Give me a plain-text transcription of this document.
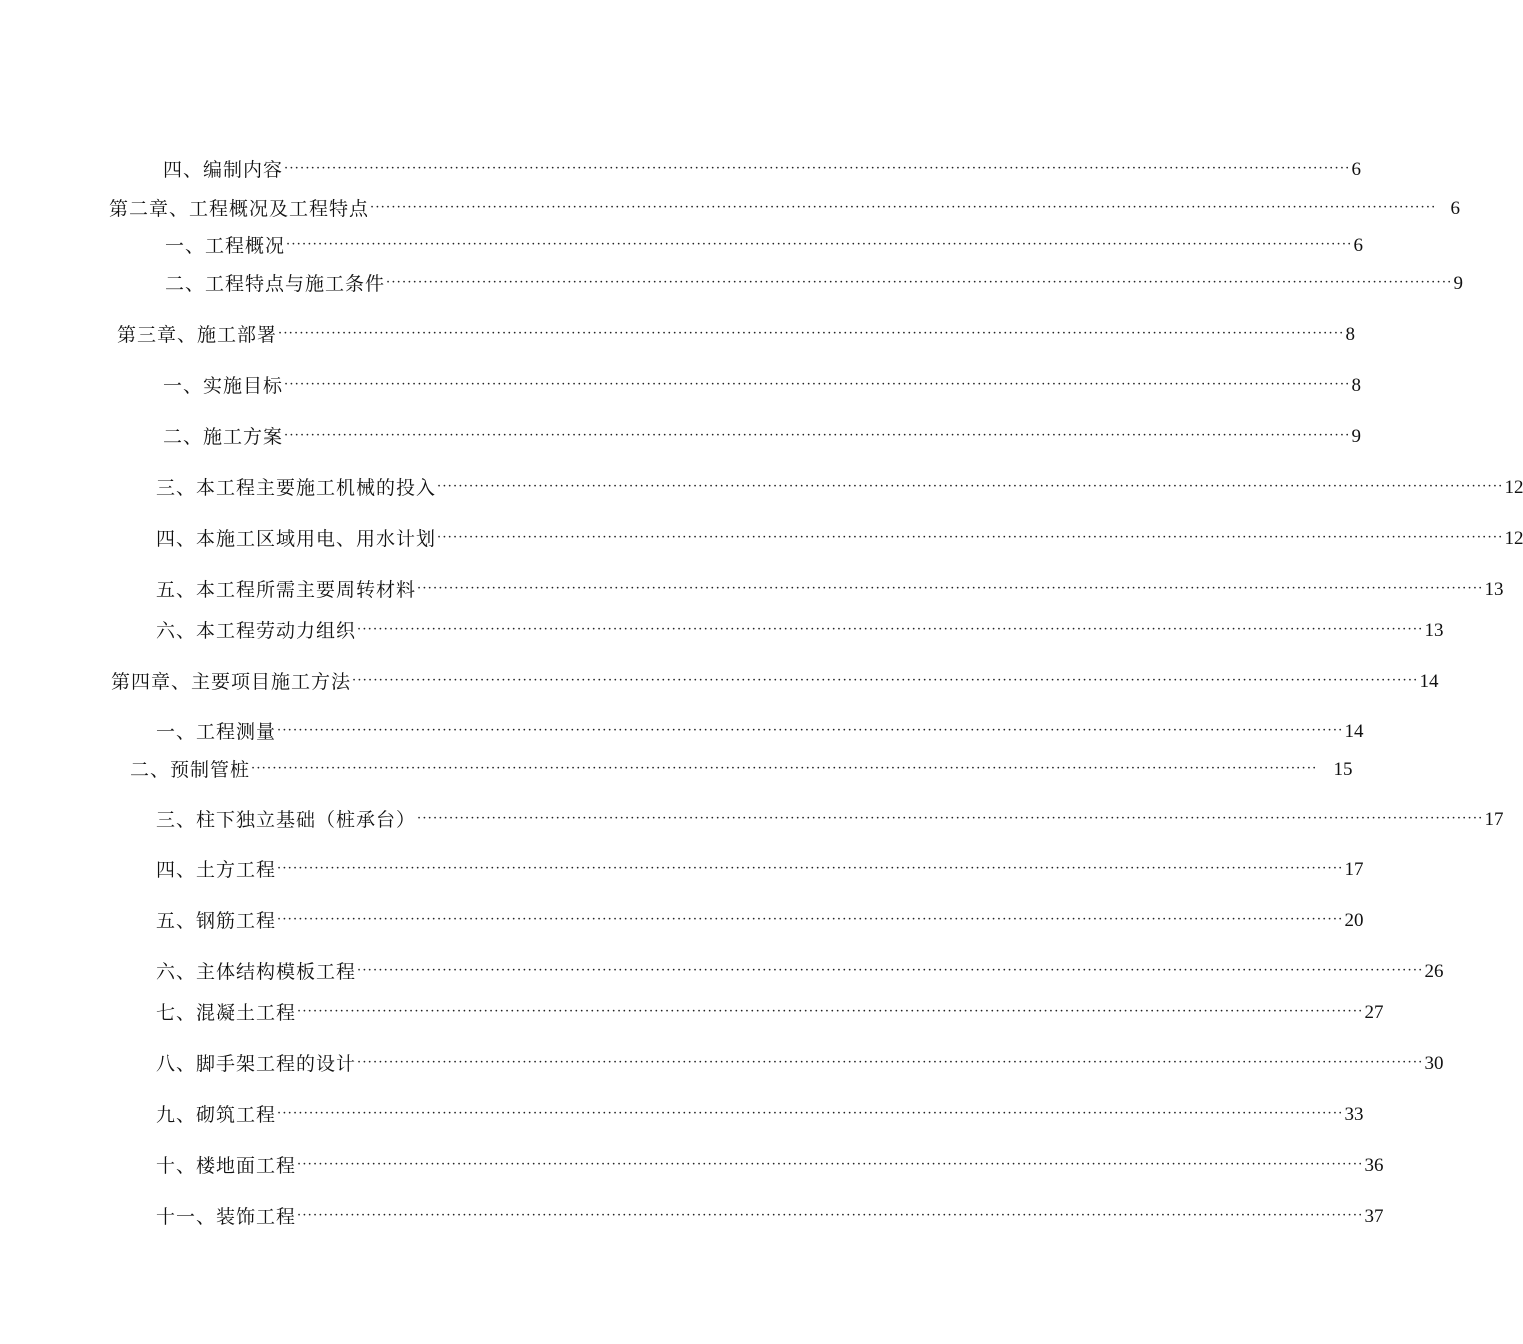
四、编制内容 ········································································································································································································ 6
第二章、工程概况及工程特点 ········································································································································································································ 6
一、工程概况 ········································································································································································································ 6
二、工程特点与施工条件 ········································································································································································································ 9
第三章、施工部署 ········································································································································································································ 8
一、实施目标 ········································································································································································································ 8
二、施工方案 ········································································································································································································ 9
三、本工程主要施工机械的投入 ········································································································································································································ 12
四、本施工区域用电、用水计划 ········································································································································································································ 12
五、本工程所需主要周转材料 ········································································································································································································ 13
六、本工程劳动力组织 ········································································································································································································ 13
第四章、主要项目施工方法 ········································································································································································································ 14
一、工程测量 ········································································································································································································ 14
二、预制管桩 ········································································································································································································ 15
三、柱下独立基础（桩承台） ········································································································································································································ 17
四、土方工程 ········································································································································································································ 17
五、钢筋工程 ········································································································································································································ 20
六、主体结构模板工程 ········································································································································································································ 26
七、混凝土工程 ········································································································································································································ 27
八、脚手架工程的设计 ········································································································································································································ 30
九、砌筑工程 ········································································································································································································ 33
十、楼地面工程 ········································································································································································································ 36
十一、装饰工程 ········································································································································································································ 37
